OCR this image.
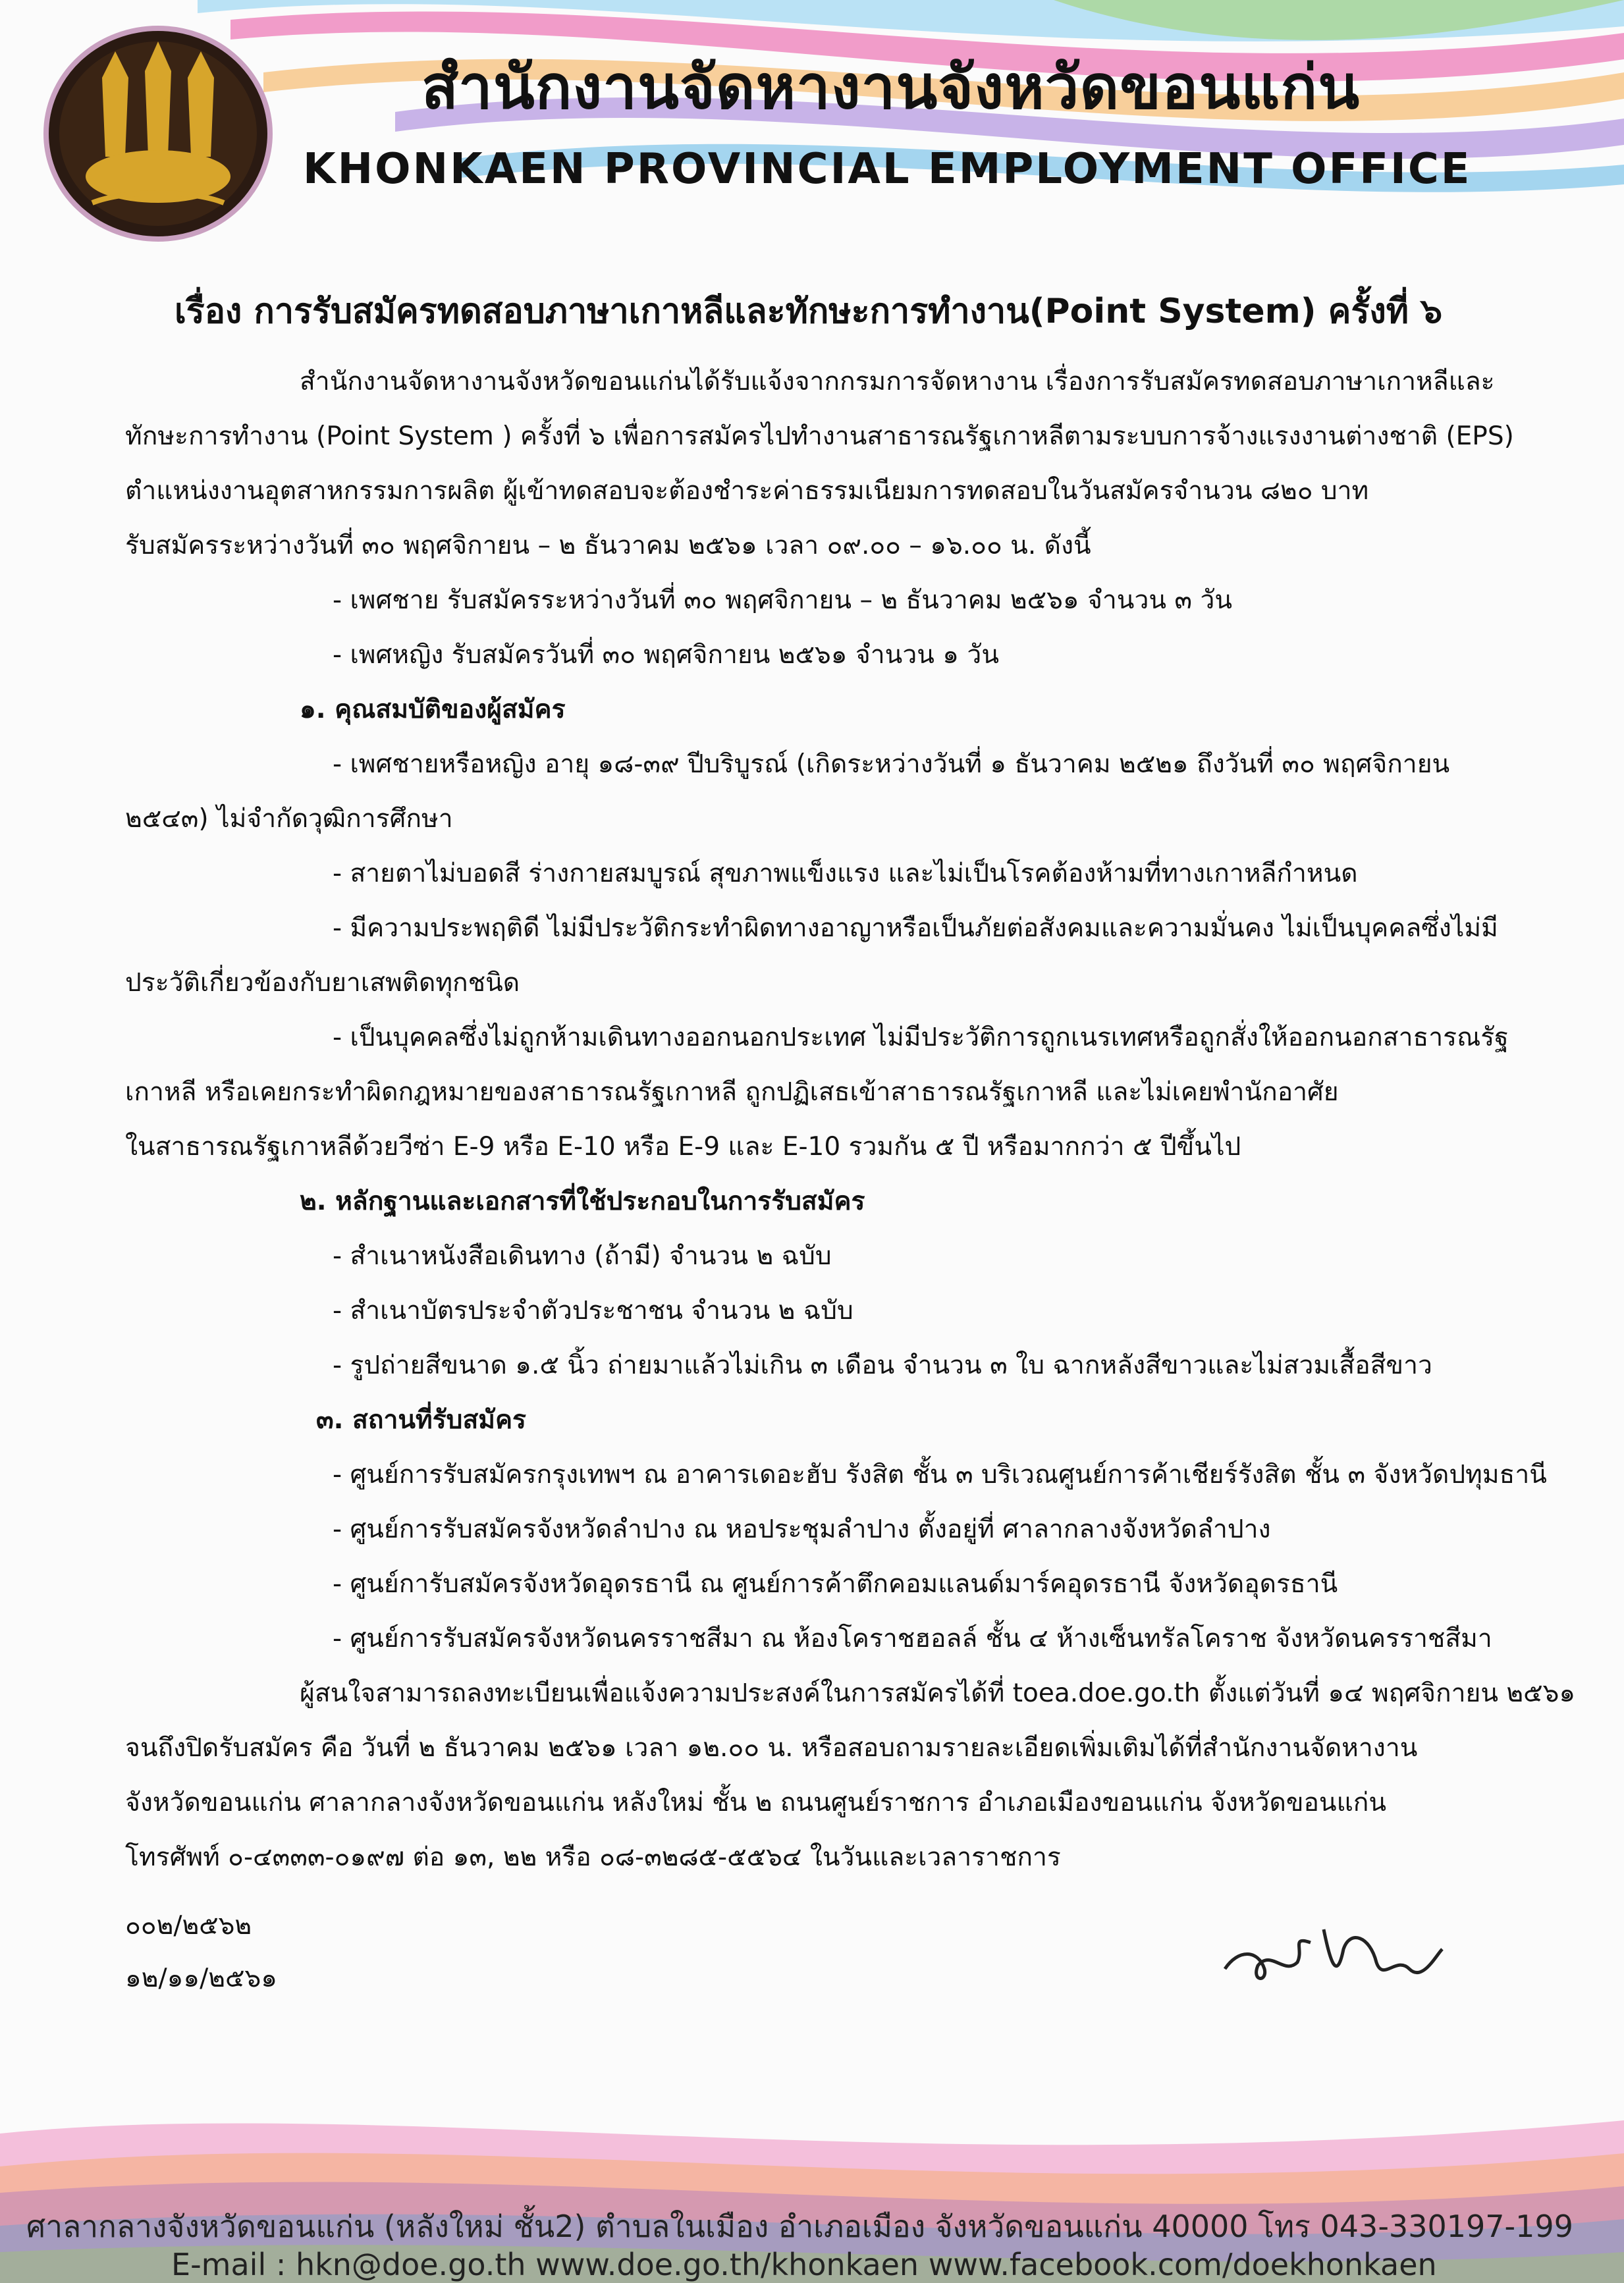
สำนักงานจัดหางานจังหวัดขอนแก่น
KHONKAEN PROVINCIAL EMPLOYMENT OFFICE
เรื่อง การรับสมัครทดสอบภาษาเกาหลีและทักษะการทำงาน(Point System) ครั้งที่ ๖
สำนักงานจัดหางานจังหวัดขอนแก่นได้รับแจ้งจากกรมการจัดหางาน เรื่องการรับสมัครทดสอบภาษาเกาหลีและ
ทักษะการทำงาน (Point System ) ครั้งที่ ๖ เพื่อการสมัครไปทำงานสาธารณรัฐเกาหลีตามระบบการจ้างแรงงานต่างชาติ (EPS)
ตำแหน่งงานอุตสาหกรรมการผลิต ผู้เข้าทดสอบจะต้องชำระค่าธรรมเนียมการทดสอบในวันสมัครจำนวน ๘๒๐ บาท
รับสมัครระหว่างวันที่ ๓๐ พฤศจิกายน – ๒ ธันวาคม ๒๕๖๑ เวลา ๐๙.๐๐ – ๑๖.๐๐ น. ดังนี้
- เพศชาย รับสมัครระหว่างวันที่ ๓๐ พฤศจิกายน – ๒ ธันวาคม ๒๕๖๑ จำนวน ๓ วัน
- เพศหญิง รับสมัครวันที่ ๓๐ พฤศจิกายน ๒๕๖๑ จำนวน ๑ วัน
๑. คุณสมบัติของผู้สมัคร
- เพศชายหรือหญิง อายุ ๑๘-๓๙ ปีบริบูรณ์ (เกิดระหว่างวันที่ ๑ ธันวาคม ๒๕๒๑ ถึงวันที่ ๓๐ พฤศจิกายน
๒๕๔๓) ไม่จำกัดวุฒิการศึกษา
- สายตาไม่บอดสี ร่างกายสมบูรณ์ สุขภาพแข็งแรง และไม่เป็นโรคต้องห้ามที่ทางเกาหลีกำหนด
- มีความประพฤติดี ไม่มีประวัติกระทำผิดทางอาญาหรือเป็นภัยต่อสังคมและความมั่นคง ไม่เป็นบุคคลซึ่งไม่มี
ประวัติเกี่ยวข้องกับยาเสพติดทุกชนิด
- เป็นบุคคลซึ่งไม่ถูกห้ามเดินทางออกนอกประเทศ ไม่มีประวัติการถูกเนรเทศหรือถูกสั่งให้ออกนอกสาธารณรัฐ
เกาหลี หรือเคยกระทำผิดกฎหมายของสาธารณรัฐเกาหลี ถูกปฏิเสธเข้าสาธารณรัฐเกาหลี และไม่เคยพำนักอาศัย
ในสาธารณรัฐเกาหลีด้วยวีซ่า E-9 หรือ E-10 หรือ E-9 และ E-10 รวมกัน ๕ ปี หรือมากกว่า ๕ ปีขึ้นไป
๒. หลักฐานและเอกสารที่ใช้ประกอบในการรับสมัคร
- สำเนาหนังสือเดินทาง (ถ้ามี) จำนวน ๒ ฉบับ
- สำเนาบัตรประจำตัวประชาชน จำนวน ๒ ฉบับ
- รูปถ่ายสีขนาด ๑.๕ นิ้ว ถ่ายมาแล้วไม่เกิน ๓ เดือน จำนวน ๓ ใบ ฉากหลังสีขาวและไม่สวมเสื้อสีขาว
๓. สถานที่รับสมัคร
- ศูนย์การรับสมัครกรุงเทพฯ ณ อาคารเดอะฮับ รังสิต ชั้น ๓ บริเวณศูนย์การค้าเชียร์รังสิต ชั้น ๓ จังหวัดปทุมธานี
- ศูนย์การรับสมัครจังหวัดลำปาง ณ หอประชุมลำปาง ตั้งอยู่ที่ ศาลากลางจังหวัดลำปาง
- ศูนย์การับสมัครจังหวัดอุดรธานี ณ ศูนย์การค้าตึกคอมแลนด์มาร์คอุดรธานี จังหวัดอุดรธานี
- ศูนย์การรับสมัครจังหวัดนครราชสีมา ณ ห้องโคราชฮอลล์ ชั้น ๔ ห้างเซ็นทรัลโคราช จังหวัดนครราชสีมา
ผู้สนใจสามารถลงทะเบียนเพื่อแจ้งความประสงค์ในการสมัครได้ที่ toea.doe.go.th ตั้งแต่วันที่ ๑๔ พฤศจิกายน ๒๕๖๑
จนถึงปิดรับสมัคร คือ วันที่ ๒ ธันวาคม ๒๕๖๑ เวลา ๑๒.๐๐ น. หรือสอบถามรายละเอียดเพิ่มเติมได้ที่สำนักงานจัดหางาน
จังหวัดขอนแก่น ศาลากลางจังหวัดขอนแก่น หลังใหม่ ชั้น ๒ ถนนศูนย์ราชการ อำเภอเมืองขอนแก่น จังหวัดขอนแก่น
โทรศัพท์ ๐-๔๓๓๓-๐๑๙๗ ต่อ ๑๓, ๒๒ หรือ ๐๘-๓๒๘๕-๕๕๖๔ ในวันและเวลาราชการ
๐๐๒/๒๕๖๒
๑๒/๑๑/๒๕๖๑
ศาลากลางจังหวัดขอนแก่น (หลังใหม่ ชั้น2) ตำบลในเมือง อำเภอเมือง จังหวัดขอนแก่น 40000 โทร 043-330197-199
E-mail : hkn@doe.go.th www.doe.go.th/khonkaen www.facebook.com/doekhonkaen
